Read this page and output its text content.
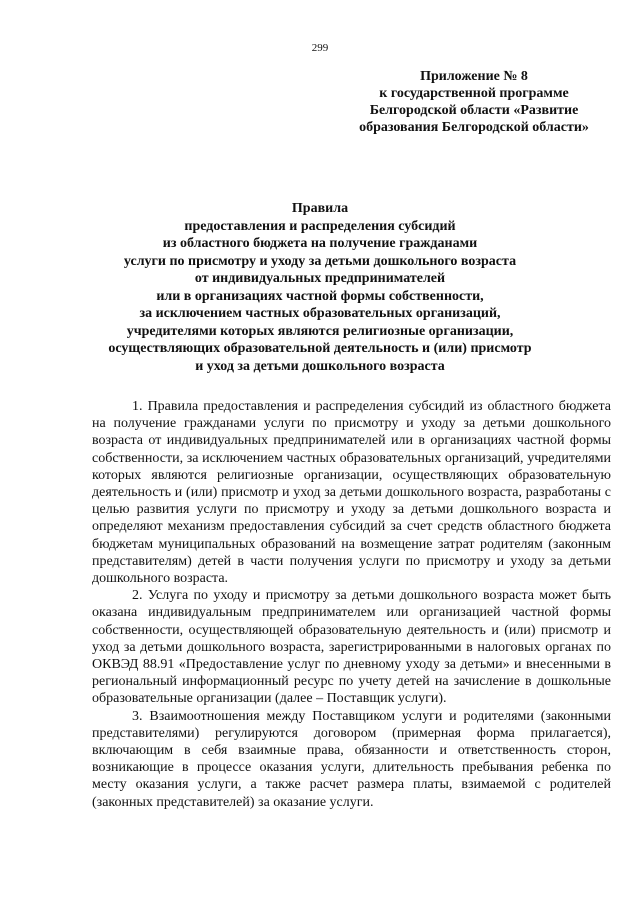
299
Приложение № 8
к государственной программе
Белгородской области «Развитие
образования Белгородской области»
Правила
предоставления и распределения субсидий
из областного бюджета на получение гражданами
услуги по присмотру и уходу за детьми дошкольного возраста
от индивидуальных предпринимателей
или в организациях частной формы собственности,
за исключением частных образовательных организаций,
учредителями которых являются религиозные организации,
осуществляющих образовательной деятельность и (или) присмотр
и уход за детьми дошкольного возраста

1. Правила предоставления и распределения субсидий из областного бюджета на получение гражданами услуги по присмотру и уходу за детьми дошкольного возраста от индивидуальных предпринимателей или в организациях частной формы собственности, за исключением частных образовательных организаций, учредителями которых являются религиозные организации, осуществляющих образовательную деятельность и (или) присмотр и уход за детьми дошкольного возраста, разработаны с целью развития услуги по присмотру и уходу за детьми дошкольного возраста и определяют механизм предоставления субсидий за счет средств областного бюджета бюджетам муниципальных образований на возмещение затрат родителям (законным представителям) детей в части получения услуги по присмотру и уходу за детьми дошкольного возраста.

2. Услуга по уходу и присмотру за детьми дошкольного возраста может быть оказана индивидуальным предпринимателем или организацией частной формы собственности, осуществляющей образовательную деятельность и (или) присмотр и уход за детьми дошкольного возраста, зарегистрированными в налоговых органах по ОКВЭД 88.91 «Предоставление услуг по дневному уходу за детьми» и внесенными в региональный информационный ресурс по учету детей на зачисление в дошкольные образовательные организации (далее – Поставщик услуги).

3. Взаимоотношения между Поставщиком услуги и родителями (законными представителями) регулируются договором (примерная форма прилагается), включающим в себя взаимные права, обязанности и ответственность сторон, возникающие в процессе оказания услуги, длительность пребывания ребенка по месту оказания услуги, а также расчет размера платы, взимаемой с родителей (законных представителей) за оказание услуги.
